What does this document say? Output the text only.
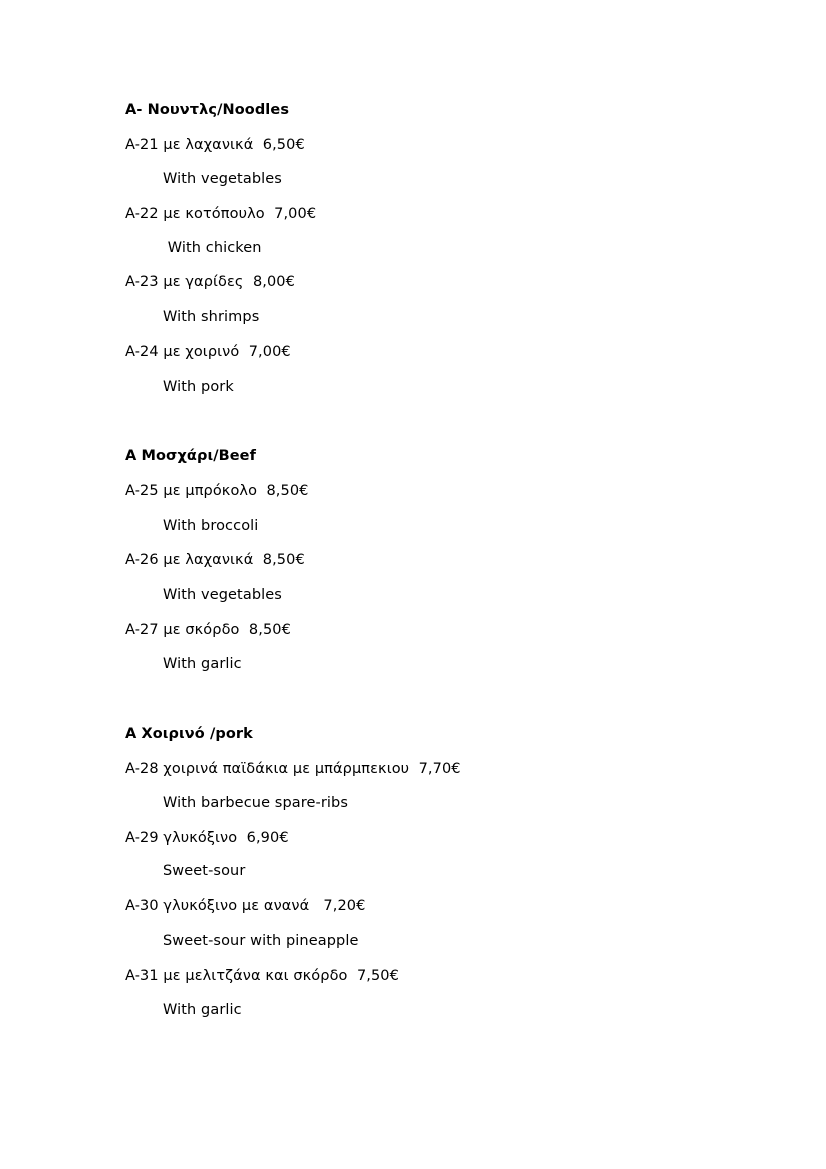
A- Νουντλς/Noodles
A-21 με λαχανικά  6,50€
With vegetables
A-22 με κοτόπουλο  7,00€
With chicken
A-23 με γαρίδες  8,00€
With shrimps
A-24 με χοιρινό  7,00€
With pork
A Μοσχάρι/Beef
A-25 με μπρόκολο  8,50€
With broccoli
A-26 με λαχανικά  8,50€
With vegetables
A-27 με σκόρδο  8,50€
With garlic
A Χοιρινό /pork
A-28 χοιρινά παϊδάκια με μπάρμπεκιου  7,70€
With barbecue spare-ribs
A-29 γλυκόξινο  6,90€
Sweet-sour
A-30 γλυκόξινο με ανανά   7,20€
Sweet-sour with pineapple
A-31 με μελιτζάνα και σκόρδο  7,50€
With garlic
